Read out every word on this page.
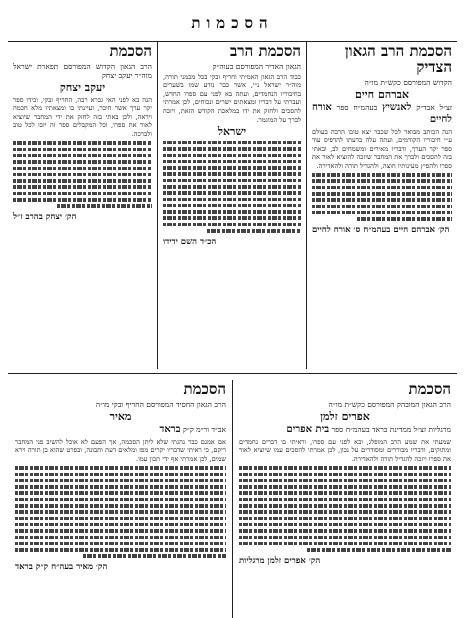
הסכמות
הסכמת הרב הגאון הצדיק
הקדוש המפורסם כקש״ת מו״ה
אברהם חיים
זצ״ל אבד״ק לאנשיץ בעהמ״ח ספר אורח לחיים
הנה הכותב מבואר לכל שכבר יצא טובו הרבה בעולם ע״י חיבוריו הקודמים, ועתה עלה בדעתו להדפיס עוד ספר יקר הערך, ודבריו מאירים ומשמחים לב, ובאתי בזה להסכים ולברך את המחבר שיזכה להוציא לאור את ספרו ולהפיץ מעינותיו חוצה, ולהגדיל תורה ולהאדירה.
הק׳ אברהם חיים בעהמ״ח ס׳ אורח לחיים
הסכמת הרב
הגאון האדיר המפורסם בעוה״ק
כבוד הרב הגאון האמיתי וחריף ובקי בכל מכמני תורה, מוה״ר ישראל נ״י, אשר כבר נודע שמו בשערים בחיבוריו הנחמדים, ועתה בא לפני עם ספרו החדש, ועברתי על דבריו ומצאתים ישרים ונכוחים, לכן אמרתי להסכים ולחזק את ידו במלאכת הקודש הזאת, ויזכה לברך על המוגמר.
ישראל
הכ״ד השם ידידו
הסכמת
הרב הגאון הקדוש המפורסם תפארת ישראל מוה״ר יעקב יצחק
יעקב יצחק
הנה בא לפני האי גברא רבה, החריף ובקי, ובידו ספר יקר ערך אשר חיבר, ועיינתי בו ומצאתיו מלא חכמה ויראה, ולכן באתי בזה לחזק את ידי המחבר שיוציא לאור את ספרו, וכל המקבלים ספר זה יזכו לכל טוב ולברכה.
הק׳ יצחק בהרב ז״ל
הסכמת
הרב הגאון המובהק המפורסם כקש״ת מו״ה
אפרים זלמן
מרגליות זצ״ל ממדינת בראד בעהמ״ח ספר בית אפרים
שמעתי את שמע הרב המופלג, ובא לפני עם ספרו, וראיתי בו דברים נחמדים ומתוקים, ודבריו מבוררים ומסודרים על נכון, לכן אמרתי להסכים עמו שיוציא לאור את ספרו ויזכה להגדיל תורה ולהאדירה.
הק׳ אפרים זלמן מרגליות
הסכמת
הרב הגאון החסיד המפורסם החריף ובקי מו״ה
מאיר
אב״ד ור״מ ק״ק בראד
אם אמנם כבר נהגתי שלא ליתן הסכמה, אך הפעם לא אוכל להשיב פני המחבר ריקם, כי ראיתי שדבריו יקרים מפז ומלאים דעת ותבונה, ובפרט שהוא בן תורה וירא שמים, לכן אמרתי אף ידי תכון עמו.
הק׳ מאיר בעה״ח ק״ק בראד
